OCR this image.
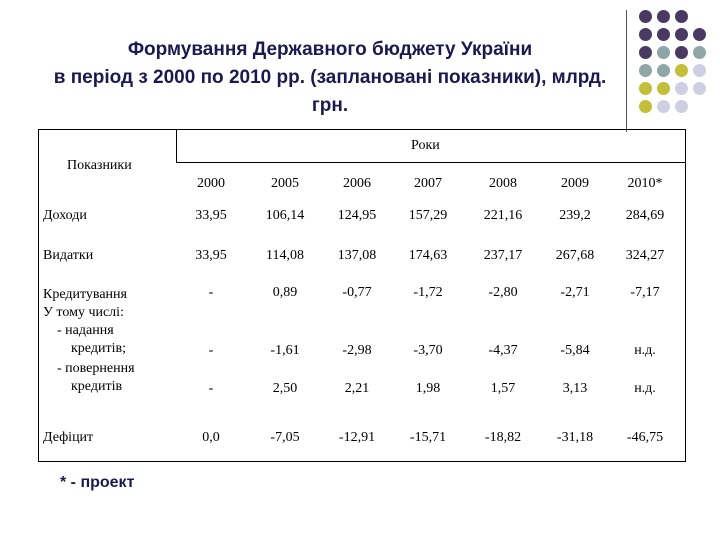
Формування Державного бюджету України
в період з 2000 по 2010 рр. (заплановані показники), млрд.
грн.
Показники
Роки
2000	2005	2006	2007	2008	2009	2010*
Доходи	33,95	106,14	124,95	157,29	221,16	239,2	284,69
Видатки	33,95	114,08	137,08	174,63	237,17	267,68	324,27
Кредитування	-	0,89	-0,77	-1,72	-2,80	-2,71	-7,17
У тому числі:
- надання
кредитів;	-	-1,61	-2,98	-3,70	-4,37	-5,84	н.д.
- повернення
кредитів	-	2,50	2,21	1,98	1,57	3,13	н.д.
Дефіцит	0,0	-7,05	-12,91	-15,71	-18,82	-31,18	-46,75
* - проект
